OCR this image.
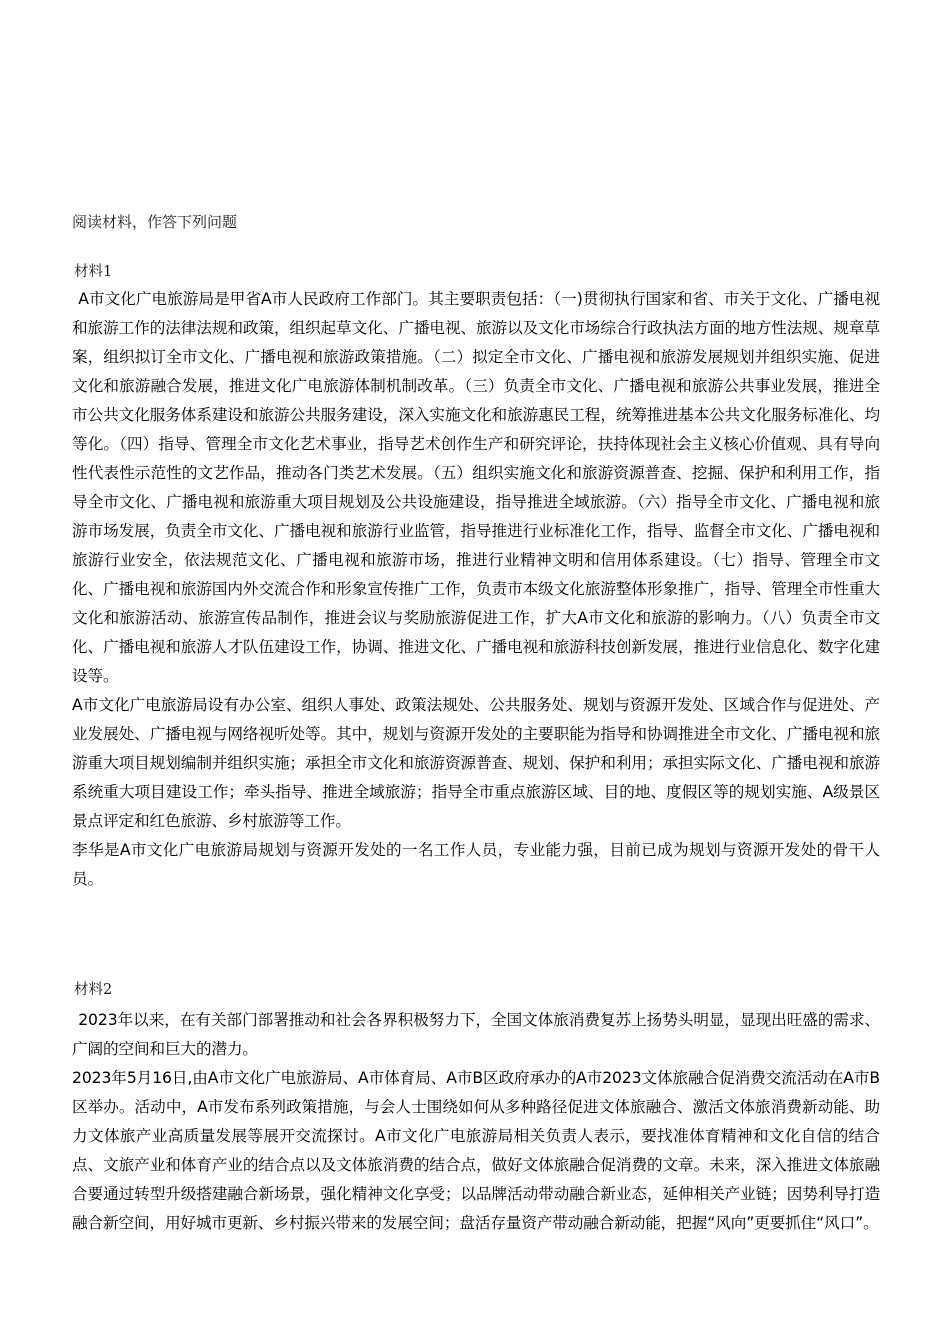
阅读材料，作答下列问题
材料1

A市文化广电旅游局是甲省A市人民政府工作部门。其主要职责包括：（一)贯彻执行国家和省、市关于文化、广播电视和旅游工作的法律法规和政策，组织起草文化、广播电视、旅游以及文化市场综合行政执法方面的地方性法规、规章草案，组织拟订全市文化、广播电视和旅游政策措施。（二）拟定全市文化、广播电视和旅游发展规划并组织实施、促进文化和旅游融合发展，推进文化广电旅游体制机制改革。（三）负责全市文化、广播电视和旅游公共事业发展，推进全市公共文化服务体系建设和旅游公共服务建设，深入实施文化和旅游惠民工程，统筹推进基本公共文化服务标准化、均等化。（四）指导、管理全市文化艺术事业，指导艺术创作生产和研究评论，扶持体现社会主义核心价值观、具有导向性代表性示范性的文艺作品，推动各门类艺术发展。（五）组织实施文化和旅游资源普查、挖掘、保护和利用工作，指导全市文化、广播电视和旅游重大项目规划及公共设施建设，指导推进全域旅游。（六）指导全市文化、广播电视和旅游市场发展，负责全市文化、广播电视和旅游行业监管，指导推进行业标准化工作，指导、监督全市文化、广播电视和旅游行业安全，依法规范文化、广播电视和旅游市场，推进行业精神文明和信用体系建设。（七）指导、管理全市文化、广播电视和旅游国内外交流合作和形象宣传推广工作，负责市本级文化旅游整体形象推广，指导、管理全市性重大文化和旅游活动、旅游宣传品制作，推进会议与奖励旅游促进工作，扩大A市文化和旅游的影响力。（八）负责全市文化、广播电视和旅游人才队伍建设工作，协调、推进文化、广播电视和旅游科技创新发展，推进行业信息化、数字化建设等。

A市文化广电旅游局设有办公室、组织人事处、政策法规处、公共服务处、规划与资源开发处、区域合作与促进处、产业发展处、广播电视与网络视听处等。其中，规划与资源开发处的主要职能为指导和协调推进全市文化、广播电视和旅游重大项目规划编制并组织实施；承担全市文化和旅游资源普查、规划、保护和利用；承担实际文化、广播电视和旅游系统重大项目建设工作；牵头指导、推进全域旅游；指导全市重点旅游区域、目的地、度假区等的规划实施、A级景区景点评定和红色旅游、乡村旅游等工作。

李华是A市文化广电旅游局规划与资源开发处的一名工作人员，专业能力强，目前已成为规划与资源开发处的骨干人员。

材料2

2023年以来，在有关部门部署推动和社会各界积极努力下，全国文体旅消费复苏上扬势头明显，显现出旺盛的需求、广阔的空间和巨大的潜力。

2023年5月16日,由A市文化广电旅游局、A市体育局、A市B区政府承办的A市2023文体旅融合促消费交流活动在A市B区举办。活动中，A市发布系列政策措施，与会人士围绕如何从多种路径促进文体旅融合、激活文体旅消费新动能、助力文体旅产业高质量发展等展开交流探讨。A市文化广电旅游局相关负责人表示，要找准体育精神和文化自信的结合点、文旅产业和体育产业的结合点以及文体旅消费的结合点，做好文体旅融合促消费的文章。未来，深入推进文体旅融合要通过转型升级搭建融合新场景，强化精神文化享受；以品牌活动带动融合新业态，延伸相关产业链；因势利导打造融合新空间，用好城市更新、乡村振兴带来的发展空间；盘活存量资产带动融合新动能，把握“风向”更要抓住“风口”。
